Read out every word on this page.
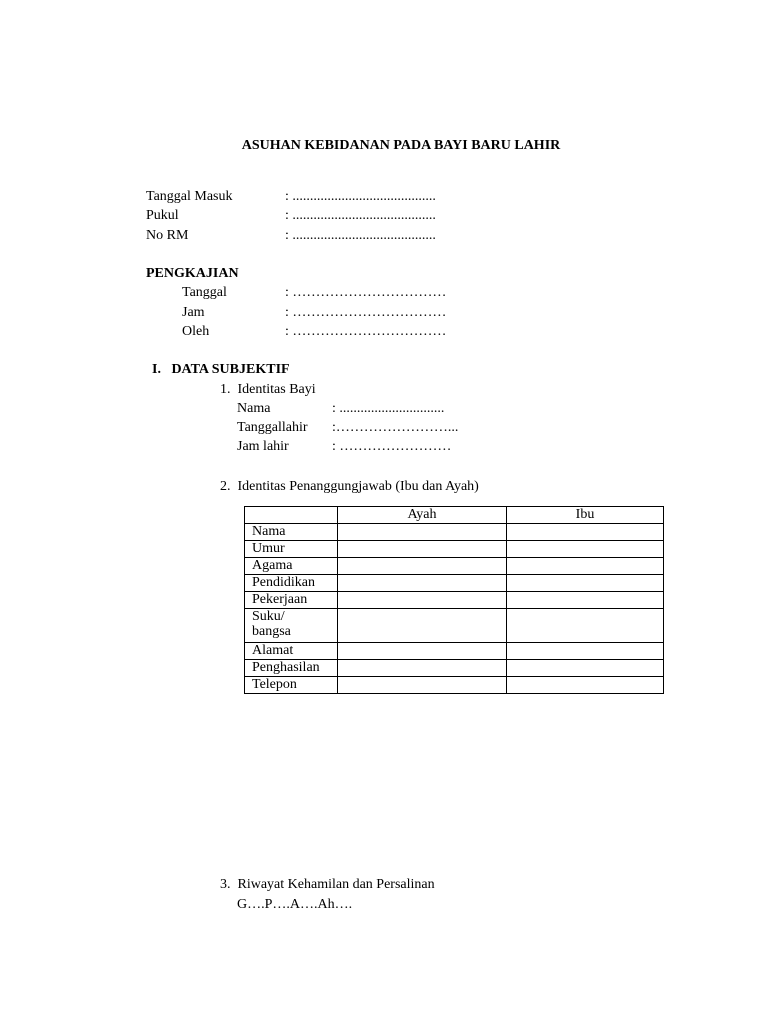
ASUHAN KEBIDANAN PADA BAYI BARU LAHIR
Tanggal Masuk	: .........................................
Pukul	: .........................................
No RM	: .........................................
PENGKAJIAN
Tanggal	: ……………………………
Jam	: ……………………………
Oleh	: ……………………………
I.   DATA SUBJEKTIF
1.  Identitas Bayi
Nama	: ..............................
Tanggallahir :……………………...
Jam lahir	: ……………………
2.  Identitas Penanggungjawab (Ibu dan Ayah)
	Ayah	Ibu
Nama		
Umur		
Agama		
Pendidikan		
Pekerjaan		
Suku/
bangsa		
Alamat		
Penghasilan		
Telepon		
3.  Riwayat Kehamilan dan Persalinan
G….P….A….Ah….
